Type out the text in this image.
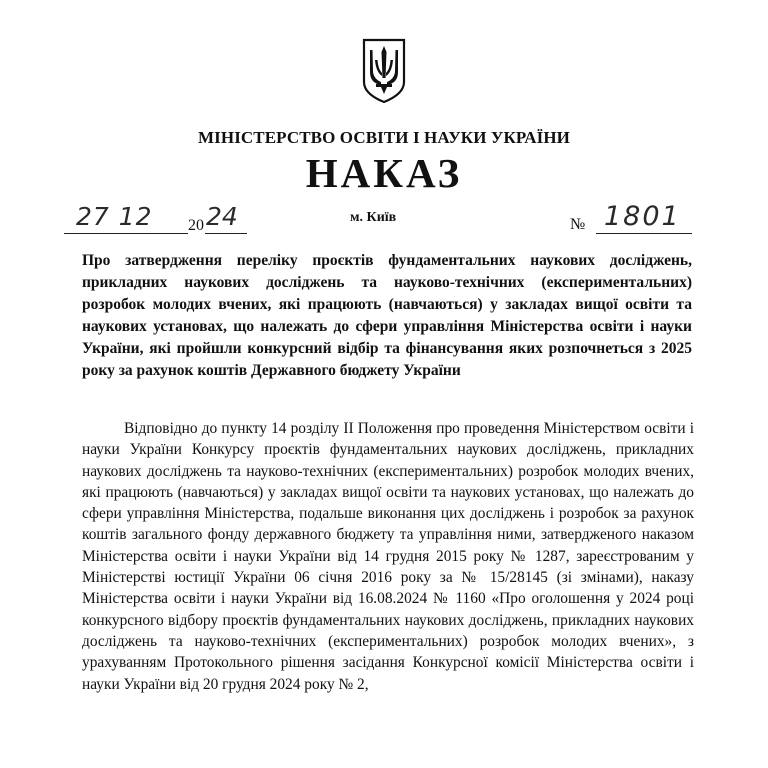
МІНІСТЕРСТВО ОСВІТИ І НАУКИ УКРАЇНИ
НАКАЗ
27 12 20 24	м. Київ	№ 1801
Про затвердження переліку проєктів фундаментальних наукових досліджень, прикладних наукових досліджень та науково-технічних (експериментальних) розробок молодих вчених, які працюють (навчаються) у закладах вищої освіти та наукових установах, що належать до сфери управління Міністерства освіти і науки України, які пройшли конкурсний відбір та фінансування яких розпочнеться з 2025 року за рахунок коштів Державного бюджету України
Відповідно до пункту 14 розділу ІІ Положення про проведення Міністерством освіти і науки України Конкурсу проєктів фундаментальних наукових досліджень, прикладних наукових досліджень та науково-технічних (експериментальних) розробок молодих вчених, які працюють (навчаються) у закладах вищої освіти та наукових установах, що належать до сфери управління Міністерства, подальше виконання цих досліджень і розробок за рахунок коштів загального фонду державного бюджету та управління ними, затвердженого наказом Міністерства освіти і науки України від 14 грудня 2015 року № 1287, зареєстрованим у Міністерстві юстиції України 06 січня 2016 року за № 15/28145 (зі змінами), наказу Міністерства освіти і науки України від 16.08.2024 № 1160 «Про оголошення у 2024 році конкурсного відбору проєктів фундаментальних наукових досліджень, прикладних наукових досліджень та науково-технічних (експериментальних) розробок молодих вчених», з урахуванням Протокольного рішення засідання Конкурсної комісії Міністерства освіти і науки України від 20 грудня 2024 року № 2,
